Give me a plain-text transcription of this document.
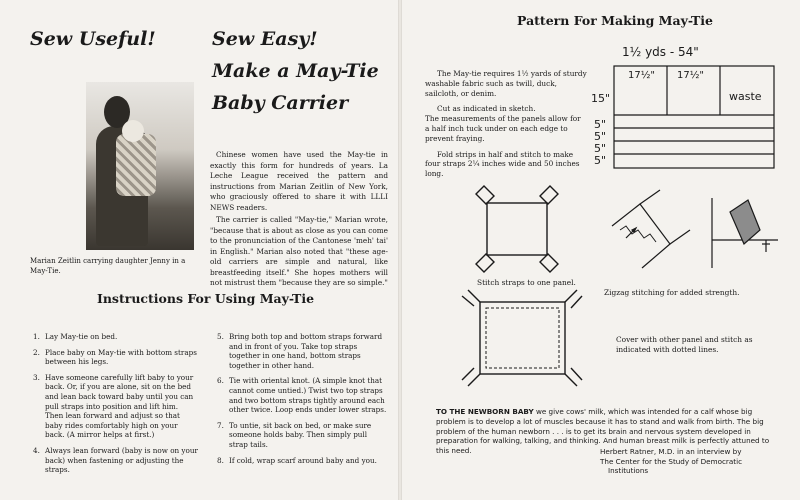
Sew Useful!	Sew Easy!
Make a May-Tie
Baby Carrier
Marian Zeitlin carrying daughter Jenny in a May-Tie.

Chinese women have used the May-tie in exactly this form for hundreds of years. La Leche League received the pattern and instructions from Marian Zeitlin of New York, who graciously offered to share it with LLLI NEWS readers.

The carrier is called "May-tie," Marian wrote, "because that is about as close as you can come to the pronunciation of the Cantonese 'meh' tai' in English." Marian also noted that "these age-old carriers are simple and natural, like breastfeeding itself." She hopes mothers will not mistrust them "because they are so simple."

Instructions For Using May-Tie
1. Lay May-tie on bed.
2. Place baby on May-tie with bottom straps between his legs.
3. Have someone carefully lift baby to your back. Or, if you are alone, sit on the bed and lean back toward baby until you can pull straps into position and lift him. Then lean forward and adjust so that baby rides comfortably high on your back. (A mirror helps at first.)
4. Always lean forward (baby is now on your back) when fastening or adjusting the straps.
5. Bring both top and bottom straps forward and in front of you. Take top straps together in one hand, bottom straps together in other hand.
6. Tie with oriental knot. (A simple knot that cannot come untied.) Twist two top straps and two bottom straps tightly around each other twice. Loop ends under lower straps.
7. To untie, sit back on bed, or make sure someone holds baby. Then simply pull strap tails.
8. If cold, wrap scarf around baby and you.
Pattern For Making May-Tie

The May-tie requires 1½ yards of sturdy washable fabric such as twill, duck, sailcloth, or denim.

Cut as indicated in sketch.

The measurements of the panels allow for a half inch tuck under on each edge to prevent fraying.

Fold strips in half and stitch to make four straps 2¼ inches wide and 50 inches long.

1½ yds - 54"
17½" 17½"
waste
15"
5"
5"
5"
5"
Stitch straps to one panel.
Zigzag stitching for added strength.
Cover with other panel and stitch as indicated with dotted lines.
TO THE NEWBORN BABY we give cows' milk, which was intended for a calf whose big problem is to develop a lot of muscles because it has to stand and walk from birth. The big problem of the human newborn . . . is to get its brain and nervous system developed in preparation for walking, talking, and thinking. And human breast milk is perfectly attuned to this need.	Herbert Ratner, M.D. in an interview by
The Center for the Study of Democratic
Institutions
